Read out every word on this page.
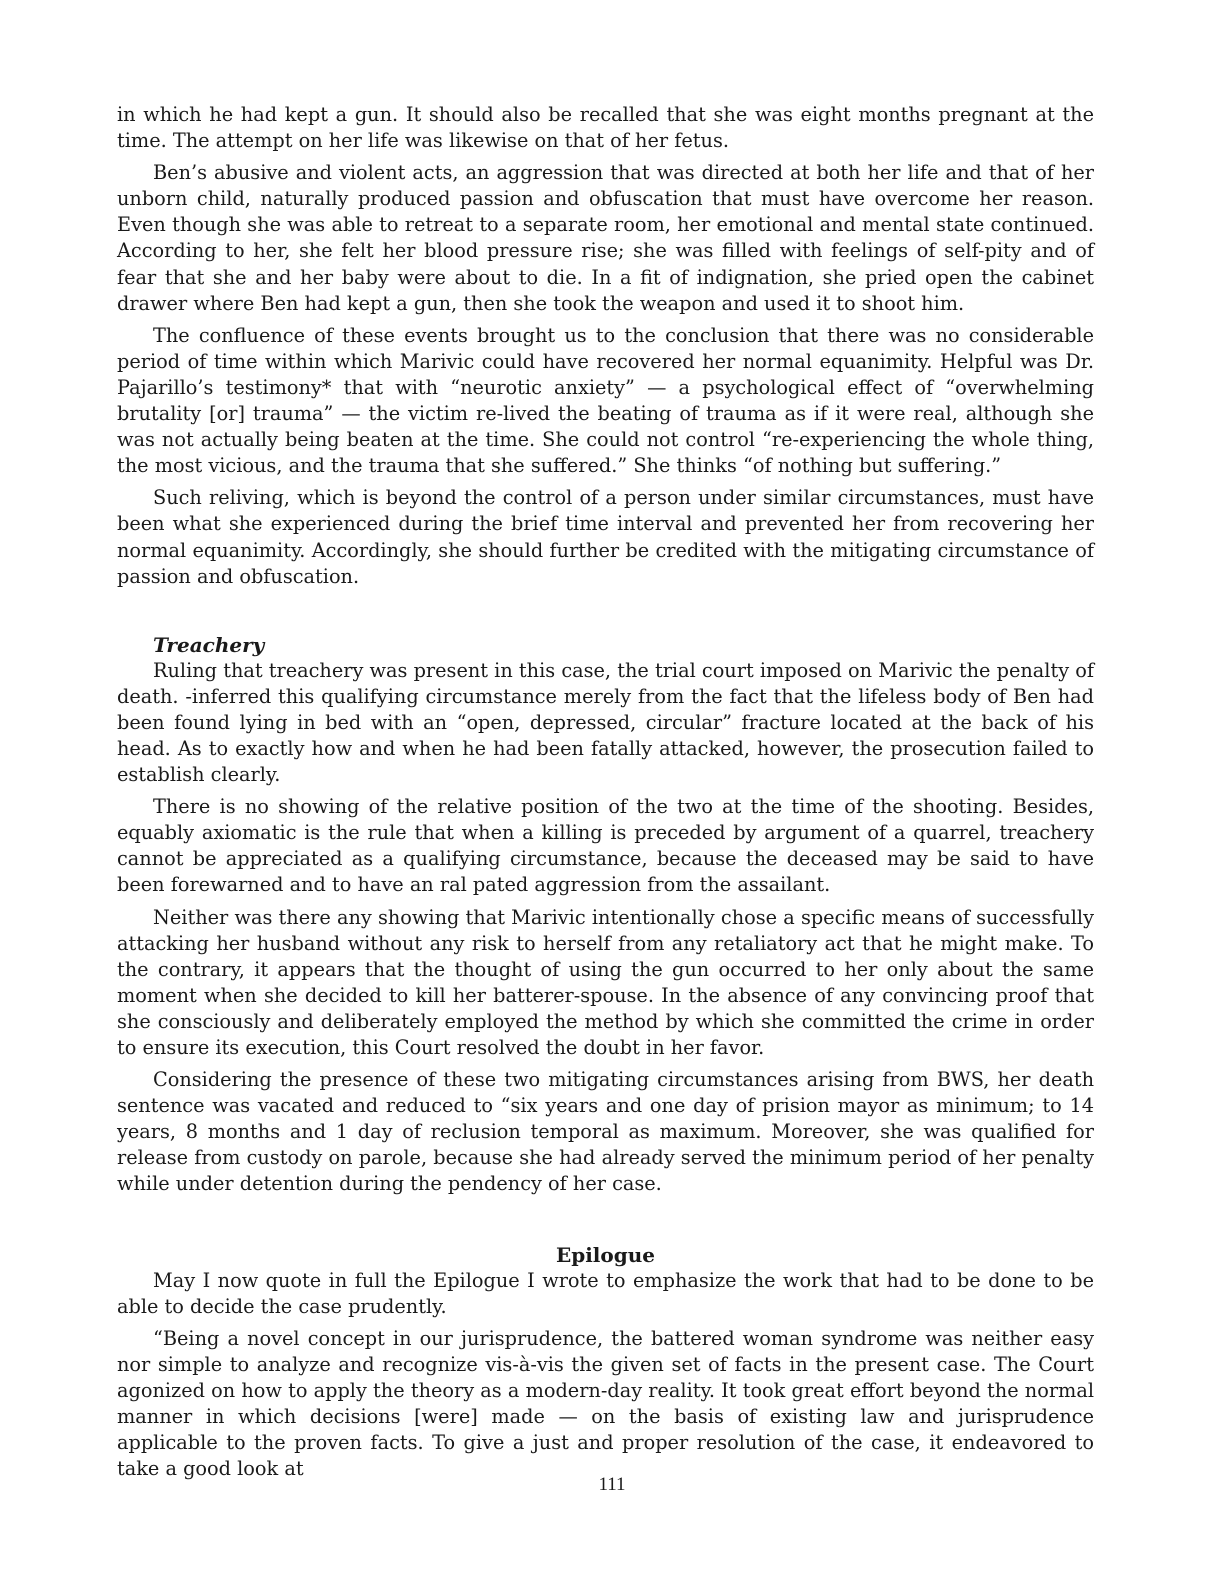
in which he had kept a gun. It should also be recalled that she was eight months pregnant at the time. The attempt on her life was likewise on that of her fetus.

Ben’s abusive and violent acts, an aggression that was directed at both her life and that of her unborn child, naturally produced passion and obfuscation that must have overcome her reason. Even though she was able to retreat to a separate room, her emotional and mental state continued. According to her, she felt her blood pressure rise; she was filled with feelings of self-pity and of fear that she and her baby were about to die. In a fit of indignation, she pried open the cabinet drawer where Ben had kept a gun, then she took the weapon and used it to shoot him.

The confluence of these events brought us to the conclusion that there was no considerable period of time within which Marivic could have recovered her normal equanimity. Helpful was Dr. Pajarillo’s testimony* that with “neurotic anxiety” — a psychological effect of “overwhelming brutality [or] trauma” — the victim re-lived the beating of trauma as if it were real, although she was not actually being beaten at the time. She could not control “re-experiencing the whole thing, the most vicious, and the trauma that she suffered.” She thinks “of nothing but suffering.”

Such reliving, which is beyond the control of a person under similar circumstances, must have been what she experienced during the brief time interval and prevented her from recovering her normal equanimity. Accordingly, she should further be credited with the mitigating circumstance of passion and obfuscation.

Treachery

Ruling that treachery was present in this case, the trial court imposed on Marivic the penalty of death. -inferred this qualifying circumstance merely from the fact that the lifeless body of Ben had been found lying in bed with an “open, depressed, circular” fracture located at the back of his head. As to exactly how and when he had been fatally attacked, however, the prosecution failed to establish clearly.

There is no showing of the relative position of the two at the time of the shooting. Besides, equably axiomatic is the rule that when a killing is preceded by argument of a quarrel, treachery cannot be appreciated as a qualifying circumstance, because the deceased may be said to have been forewarned and to have an ral pated aggression from the assailant.

Neither was there any showing that Marivic intentionally chose a specific means of successfully attacking her husband without any risk to herself from any retaliatory act that he might make. To the contrary, it appears that the thought of using the gun occurred to her only about the same moment when she decided to kill her batterer-spouse. In the absence of any convincing proof that she consciously and deliberately employed the method by which she committed the crime in order to ensure its execution, this Court resolved the doubt in her favor.

Considering the presence of these two mitigating circumstances arising from BWS, her death sentence was vacated and reduced to “six years and one day of prision mayor as minimum; to 14 years, 8 months and 1 day of reclusion temporal as maximum. Moreover, she was qualified for release from custody on parole, because she had already served the minimum period of her penalty while under detention during the pendency of her case.

Epilogue

May I now quote in full the Epilogue I wrote to emphasize the work that had to be done to be able to decide the case prudently.

“Being a novel concept in our jurisprudence, the battered woman syndrome was neither easy nor simple to analyze and recognize vis-à-vis the given set of facts in the present case. The Court agonized on how to apply the theory as a modern-day reality. It took great effort beyond the normal manner in which decisions [were] made — on the basis of existing law and jurisprudence applicable to the proven facts. To give a just and proper resolution of the case, it endeavored to take a good look at

111
